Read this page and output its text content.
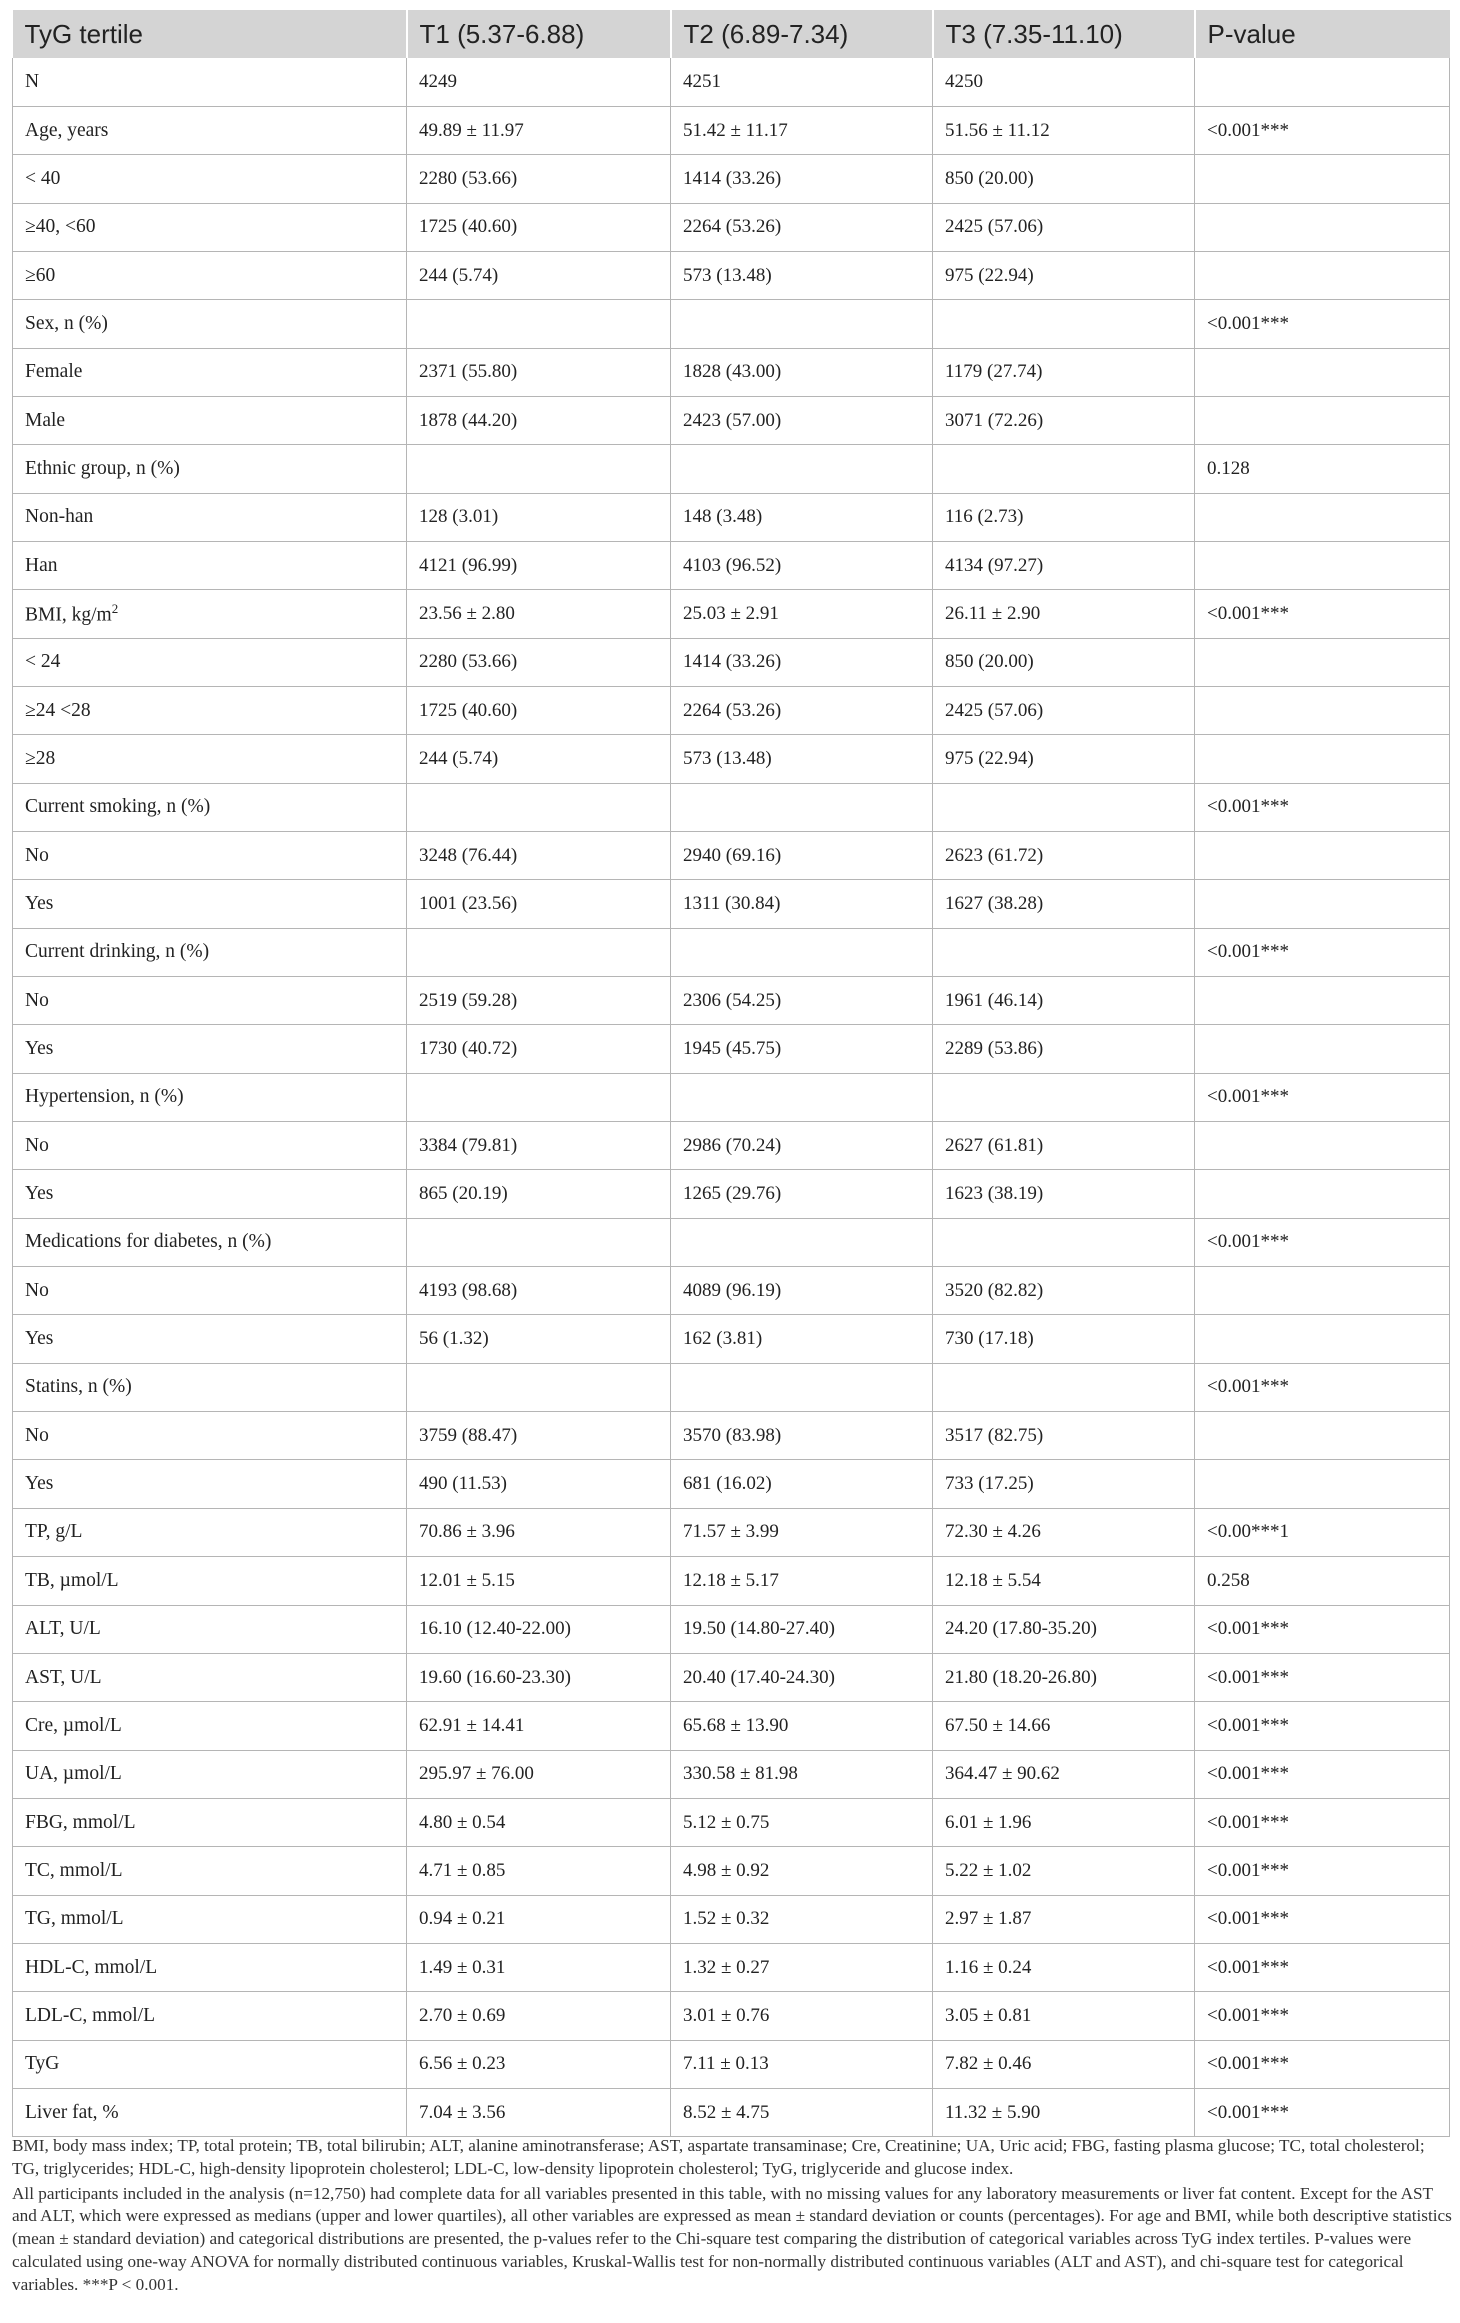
TyG tertile	T1 (5.37-6.88)	T2 (6.89-7.34)	T3 (7.35-11.10)	P-value
N	4249	4251	4250	
Age, years	49.89 ± 11.97	51.42 ± 11.17	51.56 ± 11.12	<0.001***
< 40	2280 (53.66)	1414 (33.26)	850 (20.00)	
≥40, <60	1725 (40.60)	2264 (53.26)	2425 (57.06)	
≥60	244 (5.74)	573 (13.48)	975 (22.94)	
Sex, n (%)				<0.001***
Female	2371 (55.80)	1828 (43.00)	1179 (27.74)	
Male	1878 (44.20)	2423 (57.00)	3071 (72.26)	
Ethnic group, n (%)				0.128
Non-han	128 (3.01)	148 (3.48)	116 (2.73)	
Han	4121 (96.99)	4103 (96.52)	4134 (97.27)	
BMI, $kg/m^2$	23.56 ± 2.80	25.03 ± 2.91	26.11 ± 2.90	<0.001***
< 24	2280 (53.66)	1414 (33.26)	850 (20.00)	
≥24 <28	1725 (40.60)	2264 (53.26)	2425 (57.06)	
≥28	244 (5.74)	573 (13.48)	975 (22.94)	
Current smoking, n (%)				<0.001***
No	3248 (76.44)	2940 (69.16)	2623 (61.72)	
Yes	1001 (23.56)	1311 (30.84)	1627 (38.28)	
Current drinking, n (%)				<0.001***
No	2519 (59.28)	2306 (54.25)	1961 (46.14)	
Yes	1730 (40.72)	1945 (45.75)	2289 (53.86)	
Hypertension, n (%)				<0.001***
No	3384 (79.81)	2986 (70.24)	2627 (61.81)	
Yes	865 (20.19)	1265 (29.76)	1623 (38.19)	
Medications for diabetes, n (%)				<0.001***
No	4193 (98.68)	4089 (96.19)	3520 (82.82)	
Yes	56 (1.32)	162 (3.81)	730 (17.18)	
Statins, n (%)				<0.001***
No	3759 (88.47)	3570 (83.98)	3517 (82.75)	
Yes	490 (11.53)	681 (16.02)	733 (17.25)	
TP, g/L	70.86 ± 3.96	71.57 ± 3.99	72.30 ± 4.26	<0.00***1
TB, µmol/L	12.01 ± 5.15	12.18 ± 5.17	12.18 ± 5.54	0.258
ALT, U/L	16.10 (12.40-22.00)	19.50 (14.80-27.40)	24.20 (17.80-35.20)	<0.001***
AST, U/L	19.60 (16.60-23.30)	20.40 (17.40-24.30)	21.80 (18.20-26.80)	<0.001***
Cre, µmol/L	62.91 ± 14.41	65.68 ± 13.90	67.50 ± 14.66	<0.001***
UA, µmol/L	295.97 ± 76.00	330.58 ± 81.98	364.47 ± 90.62	<0.001***
FBG, mmol/L	4.80 ± 0.54	5.12 ± 0.75	6.01 ± 1.96	<0.001***
TC, mmol/L	4.71 ± 0.85	4.98 ± 0.92	5.22 ± 1.02	<0.001***
TG, mmol/L	0.94 ± 0.21	1.52 ± 0.32	2.97 ± 1.87	<0.001***
HDL-C, mmol/L	1.49 ± 0.31	1.32 ± 0.27	1.16 ± 0.24	<0.001***
LDL-C, mmol/L	2.70 ± 0.69	3.01 ± 0.76	3.05 ± 0.81	<0.001***
TyG	6.56 ± 0.23	7.11 ± 0.13	7.82 ± 0.46	<0.001***
Liver fat, %	7.04 ± 3.56	8.52 ± 4.75	11.32 ± 5.90	<0.001***

BMI, body mass index; TP, total protein; TB, total bilirubin; ALT, alanine aminotransferase; AST, aspartate transaminase; Cre, Creatinine; UA, Uric acid; FBG, fasting plasma glucose; TC, total cholesterol; TG, triglycerides; HDL-C, high-density lipoprotein cholesterol; LDL-C, low-density lipoprotein cholesterol; TyG, triglyceride and glucose index.

All participants included in the analysis (n=12,750) had complete data for all variables presented in this table, with no missing values for any laboratory measurements or liver fat content. Except for the AST and ALT, which were expressed as medians (upper and lower quartiles), all other variables are expressed as mean ± standard deviation or counts (percentages). For age and BMI, while both descriptive statistics (mean ± standard deviation) and categorical distributions are presented, the p-values refer to the Chi-square test comparing the distribution of categorical variables across TyG index tertiles. P-values were calculated using one-way ANOVA for normally distributed continuous variables, Kruskal-Wallis test for non-normally distributed continuous variables (ALT and AST), and chi-square test for categorical variables. ***P < 0.001.
